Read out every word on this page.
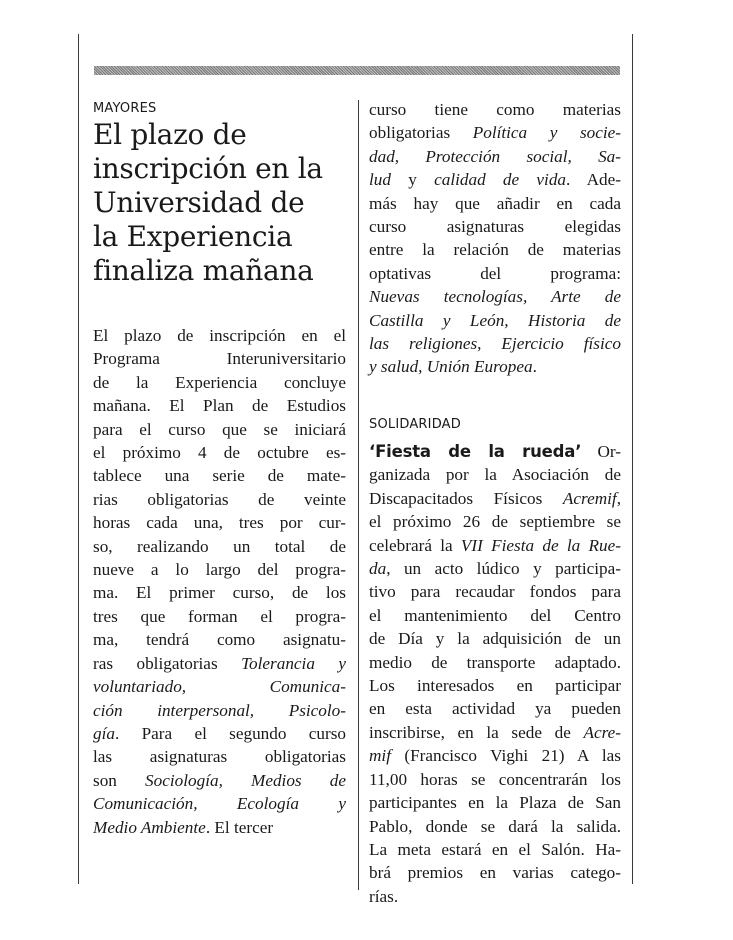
MAYORES
El plazo de
inscripción en la
Universidad de
la Experiencia
finaliza mañana
El plazo de inscripción en el
Programa Interuniversitario
de la Experiencia concluye
mañana. El Plan de Estudios
para el curso que se iniciará
el próximo 4 de octubre es-
tablece una serie de mate-
rias obligatorias de veinte
horas cada una, tres por cur-
so, realizando un total de
nueve a lo largo del progra-
ma. El primer curso, de los
tres que forman el progra-
ma, tendrá como asignatu-
ras obligatorias Tolerancia y
voluntariado, Comunica-
ción interpersonal, Psicolo-
gía. Para el segundo curso
las asignaturas obligatorias
son Sociología, Medios de
Comunicación, Ecología y
Medio Ambiente. El tercer
curso tiene como materias
obligatorias Política y socie-
dad, Protección social, Sa-
lud y calidad de vida. Ade-
más hay que añadir en cada
curso asignaturas elegidas
entre la relación de materias
optativas del programa:
Nuevas tecnologías, Arte de
Castilla y León, Historia de
las religiones, Ejercicio físico
y salud, Unión Europea.
SOLIDARIDAD
‘Fiesta de la rueda’ Or-
ganizada por la Asociación de
Discapacitados Físicos Acremif,
el próximo 26 de septiembre se
celebrará la VII Fiesta de la Rue-
da, un acto lúdico y participa-
tivo para recaudar fondos para
el mantenimiento del Centro
de Día y la adquisición de un
medio de transporte adaptado.
Los interesados en participar
en esta actividad ya pueden
inscribirse, en la sede de Acre-
mif (Francisco Vighi 21) A las
11,00 horas se concentrarán los
participantes en la Plaza de San
Pablo, donde se dará la salida.
La meta estará en el Salón. Ha-
brá premios en varias catego-
rías.
